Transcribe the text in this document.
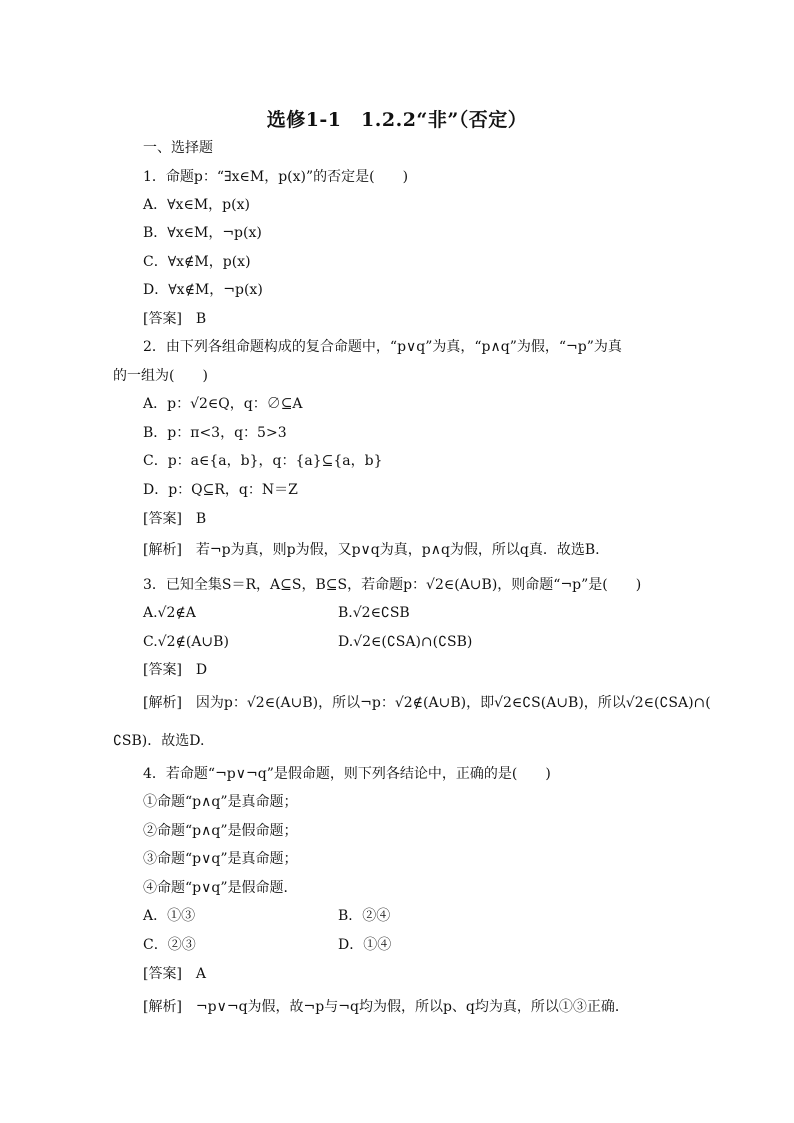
选修1-1　1.2.2“非”（否定）
一、选择题
1．命题p：“∃x∈M，p(x)”的否定是(　　)
A．∀x∈M，p(x)
B．∀x∈M，¬p(x)
C．∀x∉M，p(x)
D．∀x∉M，¬p(x)
[答案]　B
2．由下列各组命题构成的复合命题中，“p∨q”为真，“p∧q”为假，“¬p”为真
的一组为(　　)
A．p：√2∈Q，q：∅⊆A
B．p：π<3，q：5>3
C．p：a∈{a，b}，q：{a}⊆{a，b}
D．p：Q⊆R，q：N＝Z
[答案]　B
[解析]　若¬p为真，则p为假，又p∨q为真，p∧q为假，所以q真．故选B.
3．已知全集S＝R，A⊆S，B⊆S，若命题p：√2∈(A∪B)，则命题“¬p”是(　　)
A.√2∉A	B.√2∈∁SB
C.√2∉(A∪B)	D.√2∈(∁SA)∩(∁SB)
[答案]　D
[解析]　因为p：√2∈(A∪B)，所以¬p：√2∉(A∪B)，即√2∈∁S(A∪B)，所以√2∈(∁SA)∩(
∁SB)．故选D.
4．若命题“¬p∨¬q”是假命题，则下列各结论中，正确的是(　　)
①命题“p∧q”是真命题；
②命题“p∧q”是假命题；
③命题“p∨q”是真命题；
④命题“p∨q”是假命题．
A．①③	B．②④
C．②③	D．①④
[答案]　A
[解析]　¬p∨¬q为假，故¬p与¬q均为假，所以p、q均为真，所以①③正确．
